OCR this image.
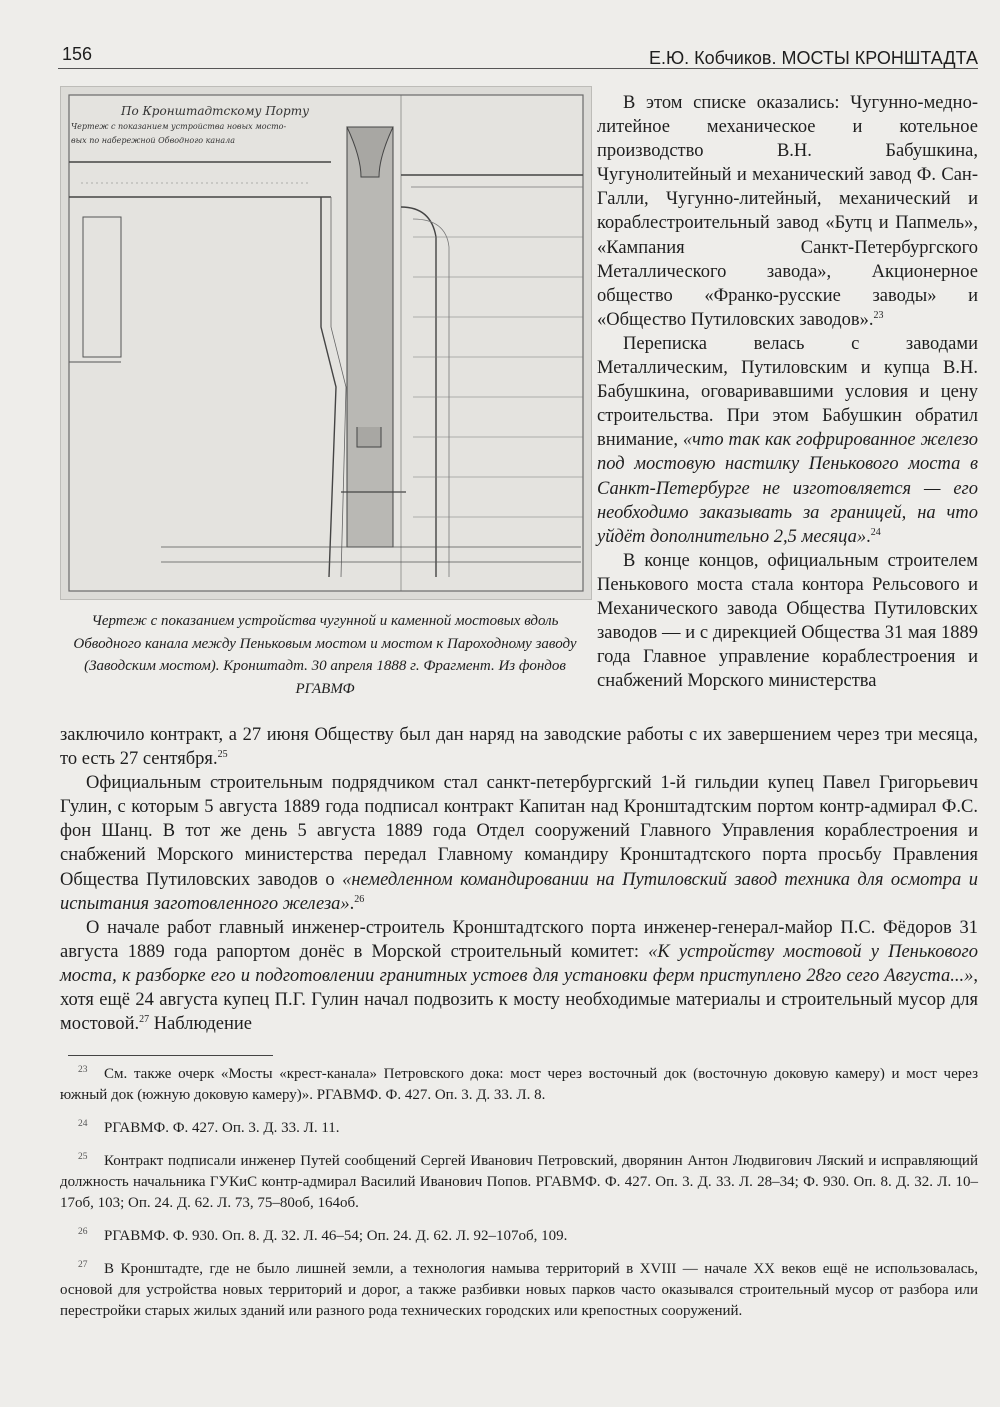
156	Е.Ю. Кобчиков. МОСТЫ КРОНШТАДТА
По Кронштадтскому Порту
Чертеж с показанием устройства новых мосто-
вых по набережной Обводного канала

Чертеж с показанием устройства чугунной и каменной мостовых вдоль Обводного канала между Пеньковым мостом и мостом к Пароходному заводу (Заводским мостом). Кронштадт. 30 апреля 1888 г. Фрагмент. Из фондов РГАВМФ

В этом списке оказались: Чугунно-медно-литейное механическое и котельное производство В.Н. Бабушкина, Чугунолитейный и механический завод Ф. Сан-Галли, Чугунно-литейный, механический и кораблестроительный завод «Бутц и Папмель», «Кампания Санкт-Петербургского Металлического завода», Акционерное общество «Франко-русские заводы» и «Общество Путиловских заводов».$^{23}$

Переписка велась с заводами Металлическим, Путиловским и купца В.Н. Бабушкина, оговаривавшими условия и цену строительства. При этом Бабушкин обратил внимание, «что так как гофрированное железо под мостовую настилку Пенькового моста в Санкт-Петербурге не изготовляется — его необходимо заказывать за границей, на что уйдёт дополнительно 2,5 месяца».$^{24}$

В конце концов, официальным строителем Пенькового моста стала контора Рельсового и Механического завода Общества Путиловских заводов — и с дирекцией Общества 31 мая 1889 года Главное управление кораблестроения и снабжений Морского министерства

заключило контракт, а 27 июня Обществу был дан наряд на заводские работы с их завершением через три месяца, то есть 27 сентября.$^{25}$

Официальным строительным подрядчиком стал санкт-петербургский 1-й гильдии купец Павел Григорьевич Гулин, с которым 5 августа 1889 года подписал контракт Капитан над Кронштадтским портом контр-адмирал Ф.С. фон Шанц. В тот же день 5 августа 1889 года Отдел сооружений Главного Управления кораблестроения и снабжений Морского министерства передал Главному командиру Кронштадтского порта просьбу Правления Общества Путиловских заводов о «немедленном командировании на Путиловский завод техника для осмотра и испытания заготовленного железа».$^{26}$

О начале работ главный инженер-строитель Кронштадтского порта инженер-генерал-майор П.С. Фёдоров 31 августа 1889 года рапортом донёс в Морской строительный комитет: «К устройству мостовой у Пенькового моста, к разборке его и подготовлении гранитных устоев для установки ферм приступлено 28го сего Августа...», хотя ещё 24 августа купец П.Г. Гулин начал подвозить к мосту необходимые материалы и строительный мусор для мостовой.$^{27}$ Наблюдение

23 См. также очерк «Мосты «крест-канала» Петровского дока: мост через восточный док (восточную доковую камеру) и мост через южный док (южную доковую камеру)». РГАВМФ. Ф. 427. Оп. 3. Д. 33. Л. 8.

24 РГАВМФ. Ф. 427. Оп. 3. Д. 33. Л. 11.

25 Контракт подписали инженер Путей сообщений Сергей Иванович Петровский, дворянин Антон Людвигович Ляский и исправляющий должность начальника ГУКиС контр-адмирал Василий Иванович Попов. РГАВМФ. Ф. 427. Оп. 3. Д. 33. Л. 28–34; Ф. 930. Оп. 8. Д. 32. Л. 10–17об, 103; Оп. 24. Д. 62. Л. 73, 75–80об, 164об.

26 РГАВМФ. Ф. 930. Оп. 8. Д. 32. Л. 46–54; Оп. 24. Д. 62. Л. 92–107об, 109.

27 В Кронштадте, где не было лишней земли, а технология намыва территорий в XVIII — начале XX веков ещё не использовалась, основой для устройства новых территорий и дорог, а также разбивки новых парков часто оказывался строительный мусор от разбора или перестройки старых жилых зданий или разного рода технических городских или крепостных сооружений.
